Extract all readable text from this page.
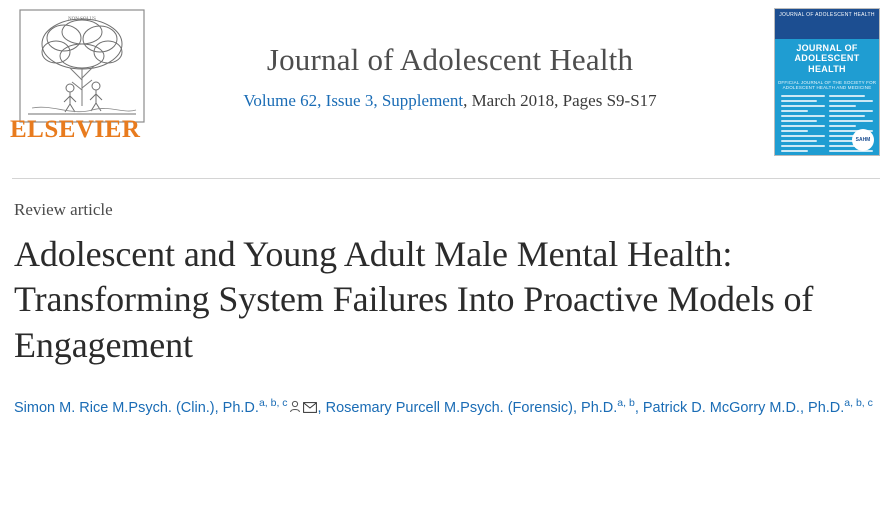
NON SOLUS
ELSEVIER
Journal of Adolescent Health
Volume 62, Issue 3, Supplement, March 2018, Pages S9-S17
JOURNAL OF ADOLESCENT HEALTH
JOURNAL OF ADOLESCENT HEALTH
OFFICIAL JOURNAL OF THE SOCIETY FOR ADOLESCENT HEALTH AND MEDICINE
SAHM
Review article
Adolescent and Young Adult Male Mental Health: Transforming System Failures Into Proactive Models of Engagement
Simon M. Rice M.Psych. (Clin.), Ph.D.$^{a, b, c}$ , Rosemary Purcell M.Psych. (Forensic), Ph.D.$^{a, b}$, Patrick D. McGorry M.D., Ph.D.$^{a, b, c}$
